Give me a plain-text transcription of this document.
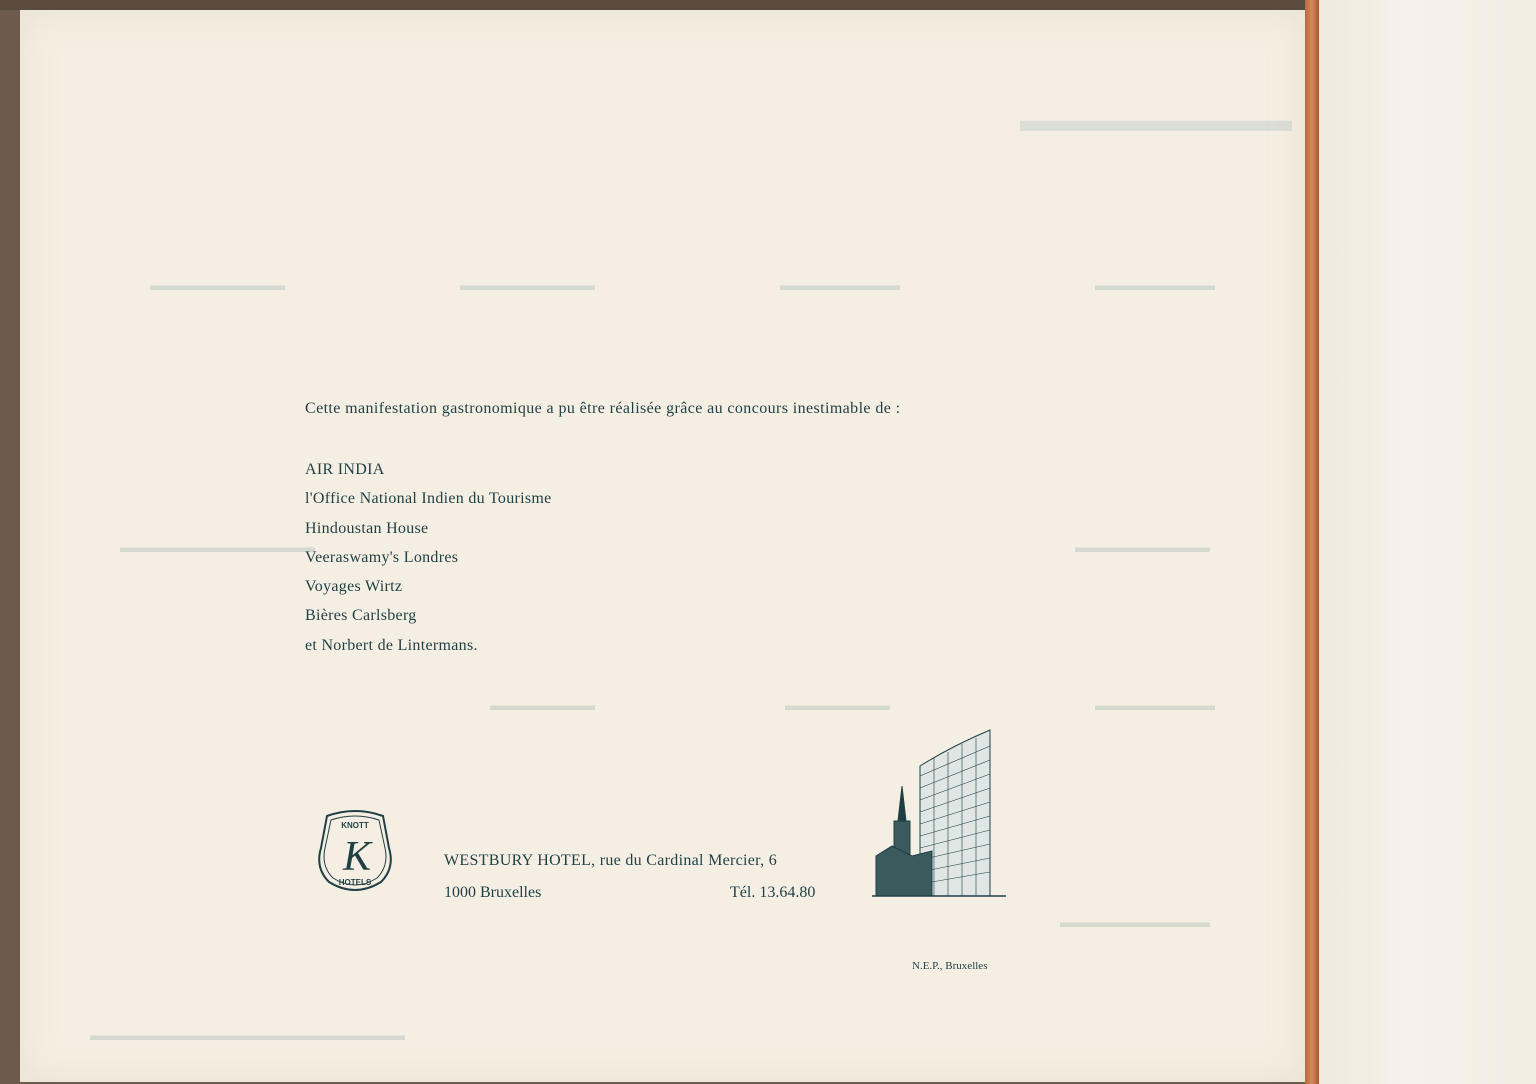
▬▬▬▬▬▬▬▬
▬▬▬▬▬▬▬▬▬	▬▬▬▬▬▬▬▬▬	▬▬▬▬▬▬▬▬	▬▬▬▬▬▬▬▬
▬▬▬▬▬▬▬▬▬▬▬▬▬	▬▬▬▬▬▬▬▬▬
▬▬▬▬▬▬▬	▬▬▬▬▬▬▬	▬▬▬▬▬▬▬▬
▬▬▬▬▬▬▬▬▬▬
▬▬▬▬▬▬▬▬▬▬▬▬▬▬▬▬▬▬▬▬▬
Cette manifestation gastronomique a pu être réalisée grâce au concours inestimable de :
AIR INDIA
l'Office National Indien du Tourisme
Hindoustan House
Veeraswamy's Londres
Voyages Wirtz
Bières Carlsberg
et Norbert de Lintermans.
KNOTT
K
HOTELS
WESTBURY HOTEL, rue du Cardinal Mercier, 6
1000 Bruxelles	Tél. 13.64.80
N.E.P., Bruxelles
